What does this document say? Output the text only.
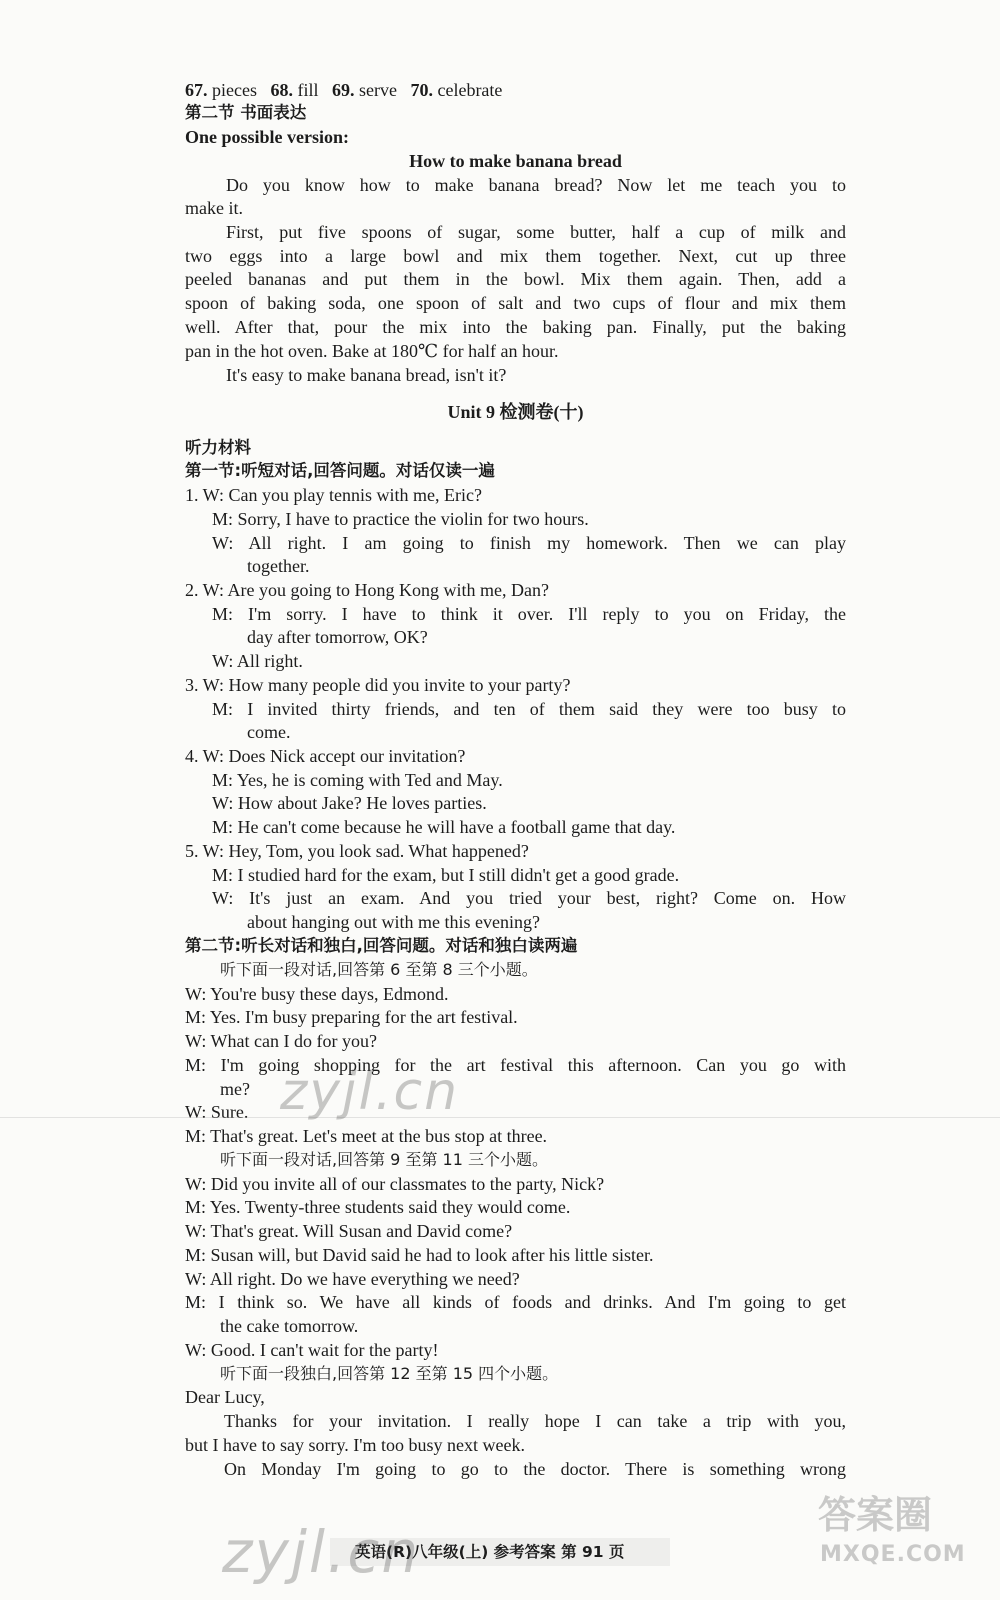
67. pieces 68. fill 69. serve 70. celebrate
第二节 书面表达
One possible version:
How to make banana bread
Do you know how to make banana bread? Now let me teach you to
make it.
First, put five spoons of sugar, some butter, half a cup of milk and
two eggs into a large bowl and mix them together. Next, cut up three
peeled bananas and put them in the bowl. Mix them again. Then, add a
spoon of baking soda, one spoon of salt and two cups of flour and mix them
well. After that, pour the mix into the baking pan. Finally, put the baking
pan in the hot oven. Bake at 180℃ for half an hour.
It's easy to make banana bread, isn't it?
Unit 9 检测卷(十)
听力材料
第一节:听短对话,回答问题。对话仅读一遍
1. W: Can you play tennis with me, Eric?
M: Sorry, I have to practice the violin for two hours.
W: All right. I am going to finish my homework. Then we can play
together.
2. W: Are you going to Hong Kong with me, Dan?
M: I'm sorry. I have to think it over. I'll reply to you on Friday, the
day after tomorrow, OK?
W: All right.
3. W: How many people did you invite to your party?
M: I invited thirty friends, and ten of them said they were too busy to
come.
4. W: Does Nick accept our invitation?
M: Yes, he is coming with Ted and May.
W: How about Jake? He loves parties.
M: He can't come because he will have a football game that day.
5. W: Hey, Tom, you look sad. What happened?
M: I studied hard for the exam, but I still didn't get a good grade.
W: It's just an exam. And you tried your best, right? Come on. How
about hanging out with me this evening?
第二节:听长对话和独白,回答问题。对话和独白读两遍
听下面一段对话,回答第 6 至第 8 三个小题。
W: You're busy these days, Edmond.
M: Yes. I'm busy preparing for the art festival.
W: What can I do for you?
M: I'm going shopping for the art festival this afternoon. Can you go with
me?
W: Sure.
M: That's great. Let's meet at the bus stop at three.
听下面一段对话,回答第 9 至第 11 三个小题。
W: Did you invite all of our classmates to the party, Nick?
M: Yes. Twenty-three students said they would come.
W: That's great. Will Susan and David come?
M: Susan will, but David said he had to look after his little sister.
W: All right. Do we have everything we need?
M: I think so. We have all kinds of foods and drinks. And I'm going to get
the cake tomorrow.
W: Good. I can't wait for the party!
听下面一段独白,回答第 12 至第 15 四个小题。
Dear Lucy,
Thanks for your invitation. I really hope I can take a trip with you,
but I have to say sorry. I'm too busy next week.
On Monday I'm going to go to the doctor. There is something wrong
英语(R)八年级(上) 参考答案 第 91 页
zyjl.cn
zyjl.cn
答案圈
MXQE.COM
